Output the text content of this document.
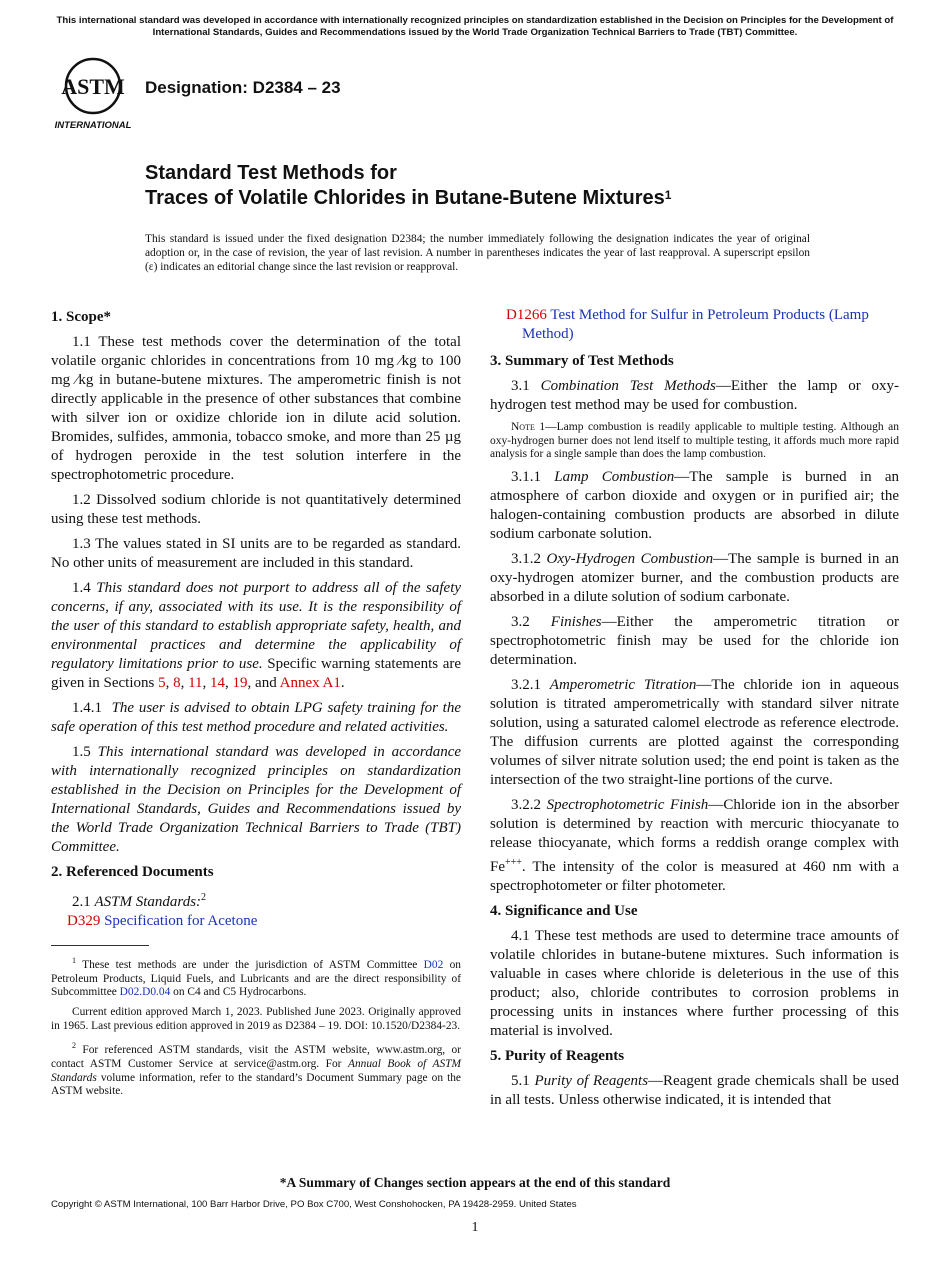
This international standard was developed in accordance with internationally recognized principles on standardization established in the Decision on Principles for the Development of International Standards, Guides and Recommendations issued by the World Trade Organization Technical Barriers to Trade (TBT) Committee.
ASTM
INTERNATIONAL
Designation: D2384 – 23
Standard Test Methods for
Traces of Volatile Chlorides in Butane-Butene Mixtures$^1$
This standard is issued under the fixed designation D2384; the number immediately following the designation indicates the year of original adoption or, in the case of revision, the year of last revision. A number in parentheses indicates the year of last reapproval. A superscript epsilon (ε) indicates an editorial change since the last revision or reapproval.
1. Scope*

1.1 These test methods cover the determination of the total volatile organic chlorides in concentrations from 10 mg ⁄kg to 100 mg ⁄kg in butane-butene mixtures. The amperometric finish is not directly applicable in the presence of other substances that combine with silver ion or oxidize chloride ion in dilute acid solution. Bromides, sulfides, ammonia, tobacco smoke, and more than 25 µg of hydrogen peroxide in the test solution interfere in the spectrophotometric procedure.

1.2 Dissolved sodium chloride is not quantitatively determined using these test methods.

1.3 The values stated in SI units are to be regarded as standard. No other units of measurement are included in this standard.

1.4 This standard does not purport to address all of the safety concerns, if any, associated with its use. It is the responsibility of the user of this standard to establish appropriate safety, health, and environmental practices and determine the applicability of regulatory limitations prior to use. Specific warning statements are given in Sections 5, 8, 11, 14, 19, and Annex A1.

1.4.1 The user is advised to obtain LPG safety training for the safe operation of this test method procedure and related activities.

1.5 This international standard was developed in accordance with internationally recognized principles on standardization established in the Decision on Principles for the Development of International Standards, Guides and Recommendations issued by the World Trade Organization Technical Barriers to Trade (TBT) Committee.

2. Referenced Documents

2.1 ASTM Standards:$^2$

D329 Specification for Acetone

$^1$ These test methods are under the jurisdiction of ASTM Committee D02 on Petroleum Products, Liquid Fuels, and Lubricants and are the direct responsibility of Subcommittee D02.D0.04 on C4 and C5 Hydrocarbons.

Current edition approved March 1, 2023. Published June 2023. Originally approved in 1965. Last previous edition approved in 2019 as D2384 – 19. DOI: 10.1520/D2384-23.

$^2$ For referenced ASTM standards, visit the ASTM website, www.astm.org, or contact ASTM Customer Service at service@astm.org. For Annual Book of ASTM Standards volume information, refer to the standard’s Document Summary page on the ASTM website.

D1266 Test Method for Sulfur in Petroleum Products (Lamp Method)
3. Summary of Test Methods

3.1 Combination Test Methods—Either the lamp or oxy-hydrogen test method may be used for combustion.

Note 1—Lamp combustion is readily applicable to multiple testing. Although an oxy-hydrogen burner does not lend itself to multiple testing, it affords much more rapid analysis for a single sample than does the lamp combustion.

3.1.1 Lamp Combustion—The sample is burned in an atmosphere of carbon dioxide and oxygen or in purified air; the halogen-containing combustion products are absorbed in dilute sodium carbonate solution.

3.1.2 Oxy-Hydrogen Combustion—The sample is burned in an oxy-hydrogen atomizer burner, and the combustion products are absorbed in a dilute solution of sodium carbonate.

3.2 Finishes—Either the amperometric titration or spectrophotometric finish may be used for the chloride ion determination.

3.2.1 Amperometric Titration—The chloride ion in aqueous solution is titrated amperometrically with standard silver nitrate solution, using a saturated calomel electrode as reference electrode. The diffusion currents are plotted against the corresponding volumes of silver nitrate solution used; the end point is taken as the intersection of the two straight-line portions of the curve.

3.2.2 Spectrophotometric Finish—Chloride ion in the absorber solution is determined by reaction with mercuric thiocyanate to release thiocyanate, which forms a reddish orange complex with Fe+++. The intensity of the color is measured at 460 nm with a spectrophotometer or filter photometer.

4. Significance and Use

4.1 These test methods are used to determine trace amounts of volatile chlorides in butane-butene mixtures. Such information is valuable in cases where chloride is deleterious in the use of this product; also, chloride contributes to corrosion problems in processing units in instances where further processing of this material is involved.

5. Purity of Reagents

5.1 Purity of Reagents—Reagent grade chemicals shall be used in all tests. Unless otherwise indicated, it is intended that

*A Summary of Changes section appears at the end of this standard
Copyright © ASTM International, 100 Barr Harbor Drive, PO Box C700, West Conshohocken, PA 19428-2959. United States
1
